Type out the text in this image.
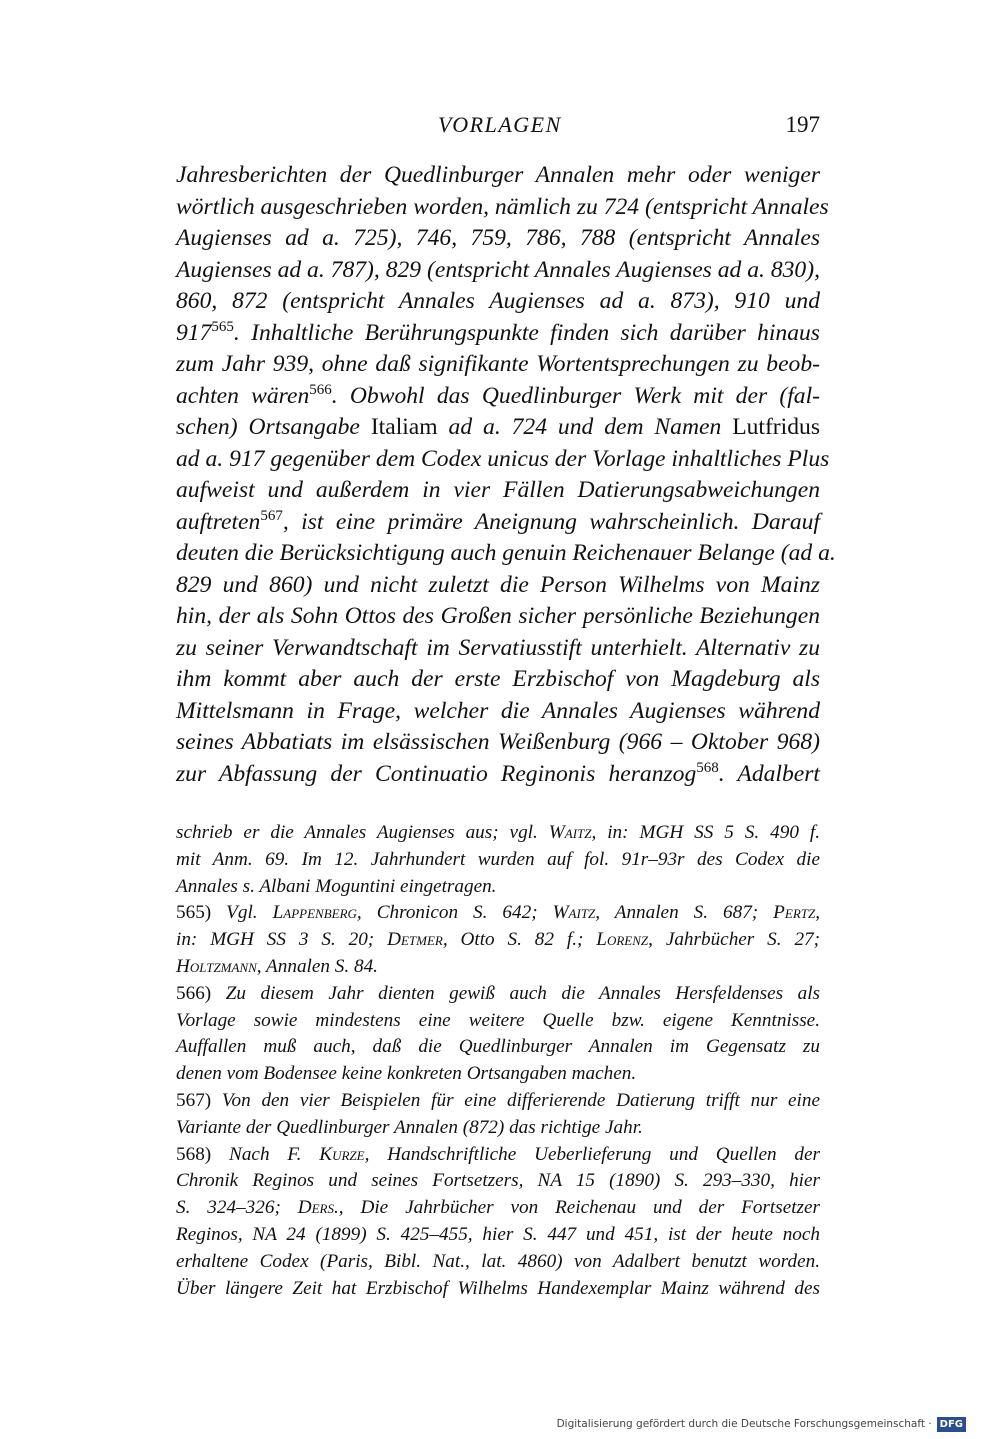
VORLAGEN	197
Jahresberichten der Quedlinburger Annalen mehr oder weniger
wörtlich ausgeschrieben worden, nämlich zu 724 (entspricht Annales
Augienses ad a. 725), 746, 759, 786, 788 (entspricht Annales
Augienses ad a. 787), 829 (entspricht Annales Augienses ad a. 830),
860, 872 (entspricht Annales Augienses ad a. 873), 910 und
$917^{565}$. Inhaltliche Berührungspunkte finden sich darüber hinaus
zum Jahr 939, ohne daß signifikante Wortentsprechungen zu beob-
achten wären$^{566}$. Obwohl das Quedlinburger Werk mit der (fal-
schen) Ortsangabe Italiam ad a. 724 und dem Namen Lutfridus
ad a. 917 gegenüber dem Codex unicus der Vorlage inhaltliches Plus
aufweist und außerdem in vier Fällen Datierungsabweichungen
auftreten$^{567}$, ist eine primäre Aneignung wahrscheinlich. Darauf
deuten die Berücksichtigung auch genuin Reichenauer Belange (ad a.
829 und 860) und nicht zuletzt die Person Wilhelms von Mainz
hin, der als Sohn Ottos des Großen sicher persönliche Beziehungen
zu seiner Verwandtschaft im Servatiusstift unterhielt. Alternativ zu
ihm kommt aber auch der erste Erzbischof von Magdeburg als
Mittelsmann in Frage, welcher die Annales Augienses während
seines Abbatiats im elsässischen Weißenburg (966 – Oktober 968)
zur Abfassung der Continuatio Reginonis heranzog$^{568}$. Adalbert
schrieb er die Annales Augienses aus; vgl. Waitz, in: MGH SS 5 S. 490 f.
mit Anm. 69. Im 12. Jahrhundert wurden auf fol. 91r–93r des Codex die
Annales s. Albani Moguntini eingetragen.
565) Vgl. Lappenberg, Chronicon S. 642; Waitz, Annalen S. 687; Pertz,
in: MGH SS 3 S. 20; Detmer, Otto S. 82 f.; Lorenz, Jahrbücher S. 27;
Holtzmann, Annalen S. 84.
566) Zu diesem Jahr dienten gewiß auch die Annales Hersfeldenses als
Vorlage sowie mindestens eine weitere Quelle bzw. eigene Kenntnisse.
Auffallen muß auch, daß die Quedlinburger Annalen im Gegensatz zu
denen vom Bodensee keine konkreten Ortsangaben machen.
567) Von den vier Beispielen für eine differierende Datierung trifft nur eine
Variante der Quedlinburger Annalen (872) das richtige Jahr.
568) Nach F. Kurze, Handschriftliche Ueberlieferung und Quellen der
Chronik Reginos und seines Fortsetzers, NA 15 (1890) S. 293–330, hier
S. 324–326; Ders., Die Jahrbücher von Reichenau und der Fortsetzer
Reginos, NA 24 (1899) S. 425–455, hier S. 447 und 451, ist der heute noch
erhaltene Codex (Paris, Bibl. Nat., lat. 4860) von Adalbert benutzt worden.
Über längere Zeit hat Erzbischof Wilhelms Handexemplar Mainz während des
Digitalisierung gefördert durch die Deutsche Forschungsgemeinschaft · DFG
